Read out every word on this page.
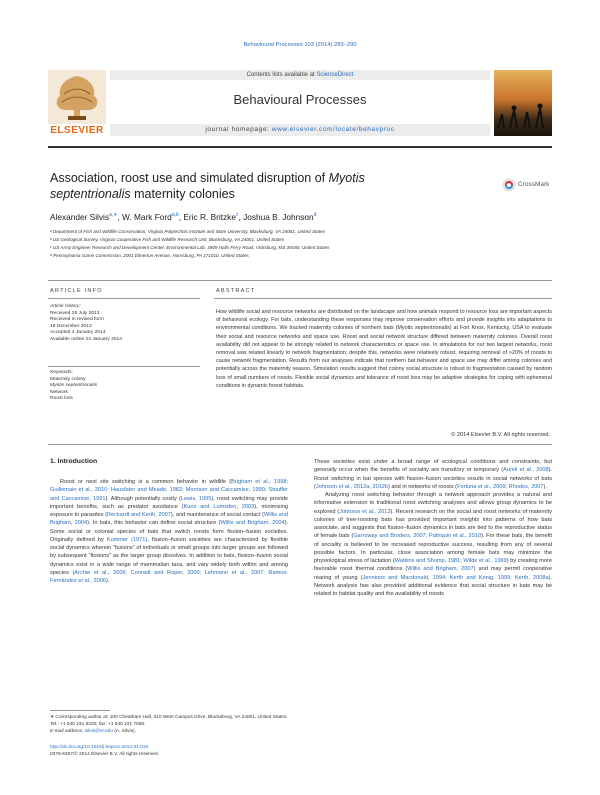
Behavioural Processes 103 (2014) 283–290
ELSEVIER
Contents lists available at ScienceDirect
Behavioural Processes
journal homepage: www.elsevier.com/locate/behavproc
Association, roost use and simulated disruption of Myotis
septentrionalis maternity colonies
CrossMark
Alexander Silvis$^{a,∗}$, W. Mark Ford$^{a,b}$, Eric R. Britzke$^c$, Joshua B. Johnson$^d$
ᵃ Department of Fish and Wildlife Conservation, Virginia Polytechnic Institute and State University, Blacksburg, VA 24061, United States
ᵇ US Geological Survey, Virginia Cooperative Fish and Wildlife Research Unit, Blacksburg, VA 24061, United States
ᶜ US Army Engineer Research and Development Center, Environmental Lab, 3909 Halls Ferry Road, Vicksburg, MS 39180, United States
ᵈ Pennsylvania Game Commission, 2001 Elmerton Avenue, Harrisburg, PA 171010, United States
ARTICLE INFO
Article history:
Received 26 July 2013
Received in revised form
18 December 2013
Accepted 4 January 2014
Available online 24 January 2014
Keywords:
Maternity colony
Myotis septentrionalis
Network
Roost loss
ABSTRACT
How wildlife social and resource networks are distributed on the landscape and how animals respond to resource loss are important aspects of behavioral ecology. For bats, understanding these responses may improve conservation efforts and provide insights into adaptations to environmental conditions. We tracked maternity colonies of northern bats (Myotis septentrionalis) at Fort Knox, Kentucky, USA to evaluate their social and resource networks and space use. Roost and social network structure differed between maternity colonies. Overall roost availability did not appear to be strongly related to network characteristics or space use. In simulations for our two largest networks, roost removal was related linearly to network fragmentation; despite this, networks were relatively robust, requiring removal of >20% of roosts to cause network fragmentation. Results from our analyses indicate that northern bat behavior and space use may differ among colonies and potentially across the maternity season. Simulation results suggest that colony social structure is robust to fragmentation caused by random loss of small numbers of roosts. Flexible social dynamics and tolerance of roost loss may be adaptive strategies for coping with ephemeral conditions in dynamic forest habitats.
© 2014 Elsevier B.V. All rights reserved.
1. Introduction
Roost or nest site switching is a common behavior in wildlife (Brigham et al., 1998; Guillemain et al., 2010; Hausfater and Meade, 1982; Morrison and Caccamise, 1990; Stouffer and Caccamise, 1991). Although potentially costly (Lewis, 1995), roost switching may provide important benefits, such as predator avoidance (Kunz and Lumsden, 2003), minimizing exposure to parasites (Reckardt and Kerth, 2007), and maintenance of social contact (Willis and Brigham, 2004). In bats, this behavior can define social structure (Willis and Brigham, 2004). Some social or colonial species of bats that switch roosts form fission–fusion societies. Originally defined by Kummer (1971), fission–fusion societies are characterized by flexible social dynamics wherein “fusions” of individuals or small groups into larger groups are followed by subsequent “fissions” as the larger group dissolves. In addition to bats, fission–fusion social dynamics exist in a wide range of mammalian taxa, and vary widely both within and among species (Archie et al., 2006; Conradt and Roper, 2000; Lehmann et al., 2007; Ramos-Fernández et al., 2006).
These societies exist under a broad range of ecological conditions and constraints, but generally occur when the benefits of sociality are transitory or temporary (Aureli et al., 2008). Roost switching in bat species with fission–fusion societies results in social networks of bats (Johnson et al., 2012a, 2012b) and in networks of roosts (Fortuna et al., 2009; Rhodes, 2007).
Analyzing roost switching behavior through a network approach provides a natural and informative extension to traditional roost switching analyses and allows group dynamics to be explored (Johnson et al., 2013). Recent research on the social and roost networks of maternity colonies of tree-roosting bats has provided important insights into patterns of how bats associate, and suggests that fission–fusion dynamics in bats are tied to the reproductive status of female bats (Garroway and Broders, 2007; Patriquin et al., 2010). For these bats, the benefit of sociality is believed to be increased reproductive success, resulting from any of several possible factors. In particular, close association among female bats may minimize the physiological stress of lactation (Watkins and Shump, 1981; Wilde et al., 1999) by creating more favorable roost thermal conditions (Willis and Brigham, 2007) and may permit cooperative rearing of young (Jennions and Macdonald, 1994; Kerth and Konig, 1999; Kerth, 2008a). Network analysis has also provided additional evidence that social structure in bats may be related to habitat quality and the availability of roosts
∗ Corresponding author at: 100 Cheatham Hall, 310 West Campus Drive, Blacksburg, VA 24061, United States. Tel.: +1 540 231 5320; fax: +1 540 231 7580.
E-mail address: silvis@vt.edu (A. Silvis).
http://dx.doi.org/10.1016/j.beproc.2014.01.016
0376-6357/© 2014 Elsevier B.V. All rights reserved.
